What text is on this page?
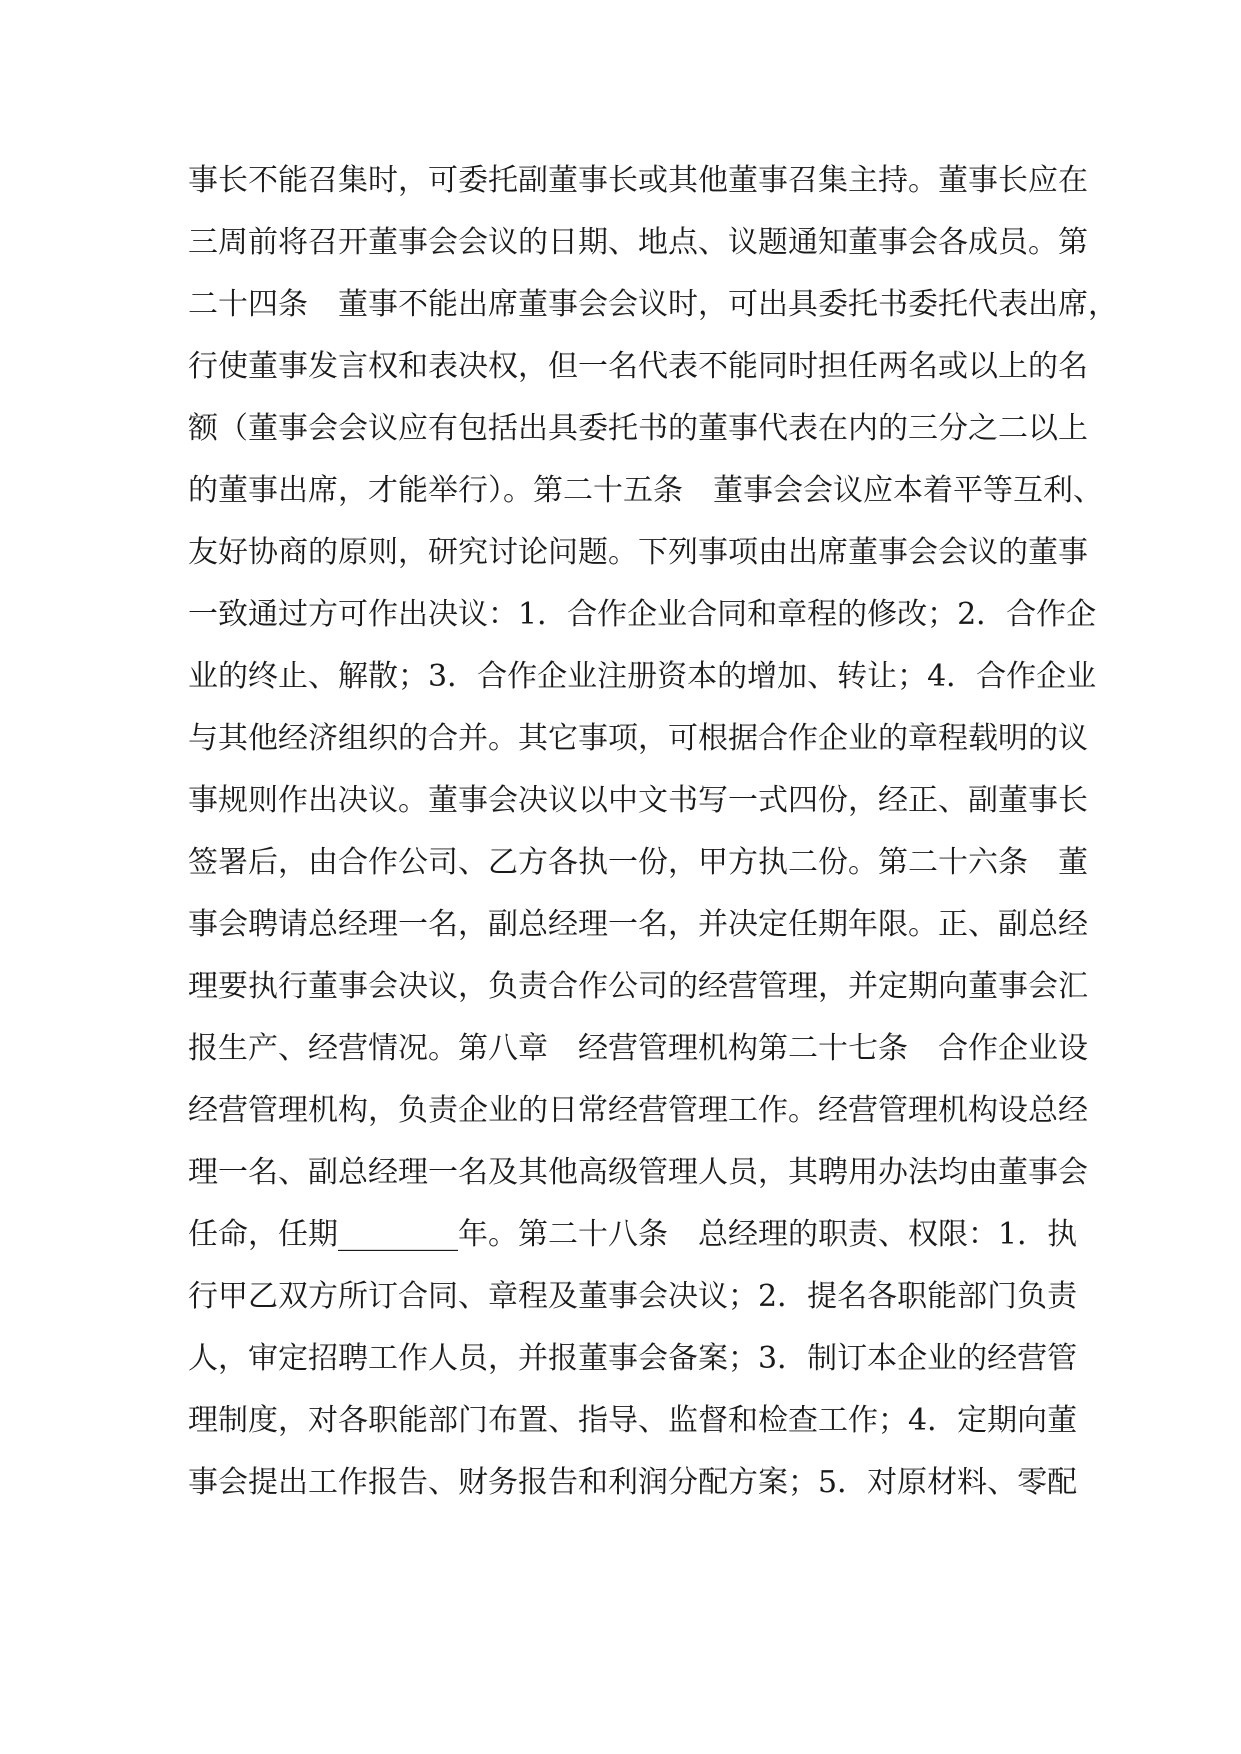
事长不能召集时，可委托副董事长或其他董事召集主持。董事长应在
三周前将召开董事会会议的日期、地点、议题通知董事会各成员。第
二十四条　董事不能出席董事会会议时，可出具委托书委托代表出席，
行使董事发言权和表决权，但一名代表不能同时担任两名或以上的名
额（董事会会议应有包括出具委托书的董事代表在内的三分之二以上
的董事出席，才能举行）。第二十五条　董事会会议应本着平等互利、
友好协商的原则，研究讨论问题。下列事项由出席董事会会议的董事
一致通过方可作出决议：1．合作企业合同和章程的修改；2．合作企
业的终止、解散；3．合作企业注册资本的增加、转让；4．合作企业
与其他经济组织的合并。其它事项，可根据合作企业的章程载明的议
事规则作出决议。董事会决议以中文书写一式四份，经正、副董事长
签署后，由合作公司、乙方各执一份，甲方执二份。第二十六条　董
事会聘请总经理一名，副总经理一名，并决定任期年限。正、副总经
理要执行董事会决议，负责合作公司的经营管理，并定期向董事会汇
报生产、经营情况。第八章　经营管理机构第二十七条　合作企业设
经营管理机构，负责企业的日常经营管理工作。经营管理机构设总经
理一名、副总经理一名及其他高级管理人员，其聘用办法均由董事会
任命，任期________年。第二十八条　总经理的职责、权限：1．执
行甲乙双方所订合同、章程及董事会决议；2．提名各职能部门负责
人，审定招聘工作人员，并报董事会备案；3．制订本企业的经营管
理制度，对各职能部门布置、指导、监督和检查工作；4．定期向董
事会提出工作报告、财务报告和利润分配方案；5．对原材料、零配
